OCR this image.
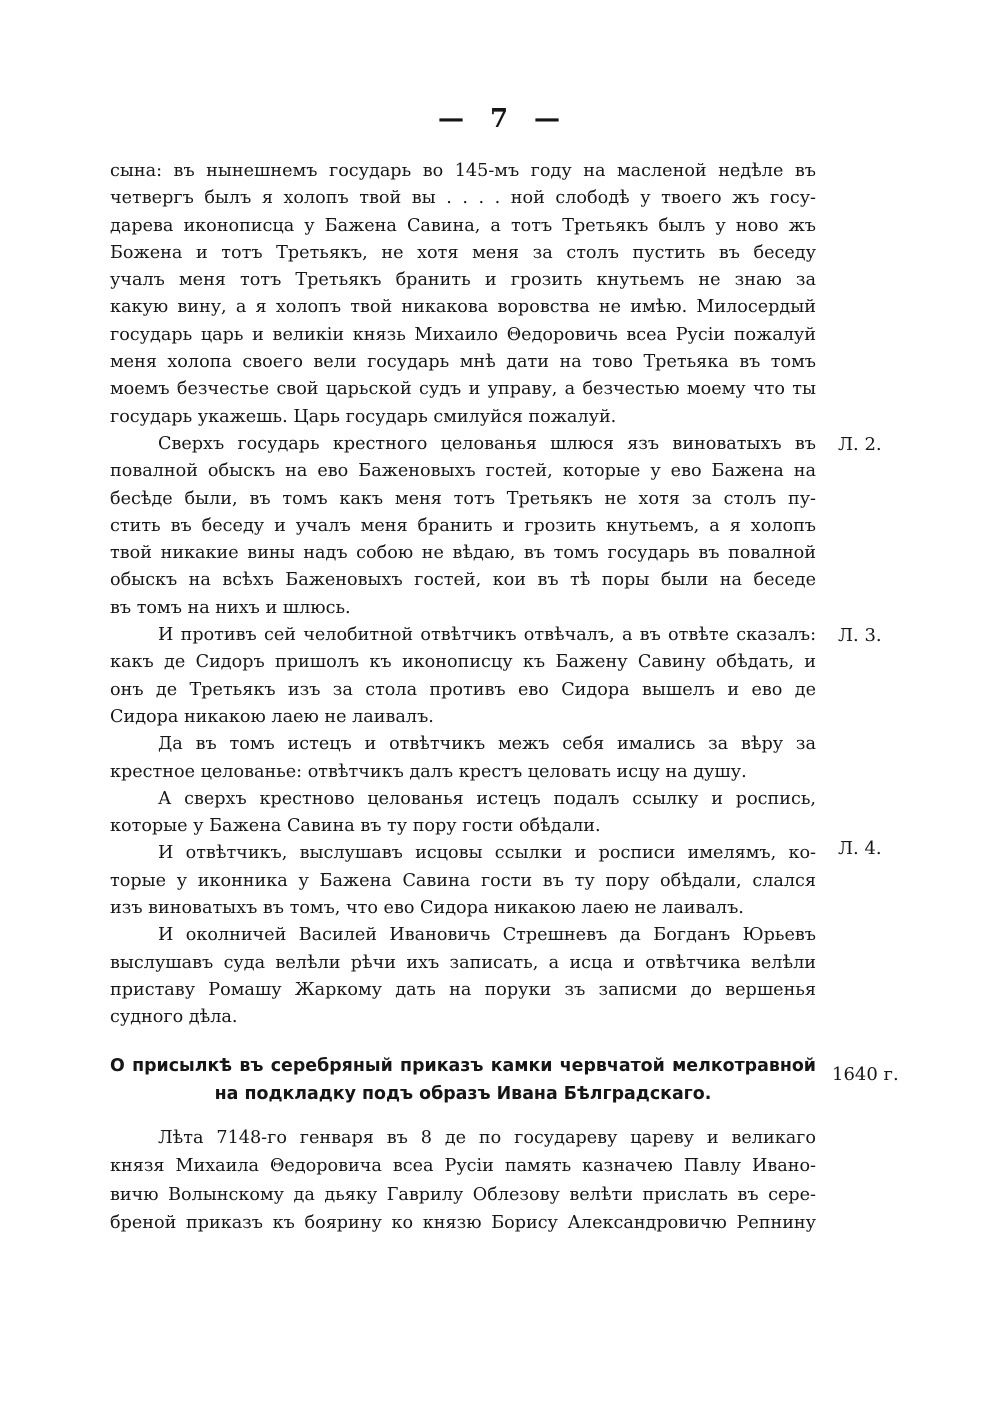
— 7 —
сына: въ нынешнемъ государь во 145-мъ году на масленой недѣле въ
четвергъ былъ я холопъ твой вы . . . . ной слободѣ у твоего жъ госу-
дарева иконописца у Бажена Савина, а тотъ Третьякъ былъ у ново жъ
Божена и тотъ Третьякъ, не хотя меня за столъ пустить въ беседу
учалъ меня тотъ Третьякъ бранить и грозить кнутьемъ не знаю за
какую вину, а я холопъ твой никакова воровства не имѣю. Милосердый
государь царь и великiи князь Михаило Θедоровичь всеа Русiи пожалуй
меня холопа своего вели государь мнѣ дати на тово Третьяка въ томъ
моемъ безчестье свой царьской судъ и управу, а безчестью моему что ты
государь укажешь. Царь государь смилуйся пожалуй.
Сверхъ государь крестного целованья шлюся язъ виноватыхъ въ
повалной обыскъ на ево Баженовыхъ гостей, которые у ево Бажена на
бесѣде были, въ томъ какъ меня тотъ Третьякъ не хотя за столъ пу-
стить въ беседу и учалъ меня бранить и грозить кнутьемъ, а я холопъ
твой никакие вины надъ собою не вѣдаю, въ томъ государь въ повалной
обыскъ на всѣхъ Баженовыхъ гостей, кои въ тѣ поры были на беседе
въ томъ на нихъ и шлюсь.
И противъ сей челобитной отвѣтчикъ отвѣчалъ, а въ отвѣте сказалъ:
какъ де Сидоръ пришолъ къ иконописцу къ Бажену Савину обѣдать, и
онъ де Третьякъ изъ за стола противъ ево Сидора вышелъ и ево де
Сидора никакою лаею не лаивалъ.
Да въ томъ истецъ и отвѣтчикъ межъ себя имались за вѣру за
крестное целованье: отвѣтчикъ далъ крестъ целовать исцу на душу.
А сверхъ крестново целованья истецъ подалъ ссылку и роспись,
которые у Бажена Савина въ ту пору гости обѣдали.
И отвѣтчикъ, выслушавъ исцовы ссылки и росписи имелямъ, ко-
торые у иконника у Бажена Савина гости въ ту пору обѣдали, слался
изъ виноватыхъ въ томъ, что ево Сидора никакою лаею не лаивалъ.
И околничей Василей Ивановичь Стрешневъ да Богданъ Юрьевъ
выслушавъ суда велѣли рѣчи ихъ записать, а исца и отвѣтчика велѣли
приставу Ромашу Жаркому дать на поруки зъ записми до вершенья
судного дѣла.
Л. 2.
Л. 3.
Л. 4.
1640 г.
О присылкѣ въ серебряный приказъ камки червчатой мелкотравной
на подкладку подъ образъ Ивана Бѣлградскаго.
Лѣта 7148-го генваря въ 8 де по государеву цареву и великаго
князя Михаила Θедоровича всеа Русiи память казначею Павлу Ивано-
вичю Волынскому да дьяку Гаврилу Облезову велѣти прислать въ сере-
бреной приказъ къ боярину ко князю Борису Александровичю Репнину
